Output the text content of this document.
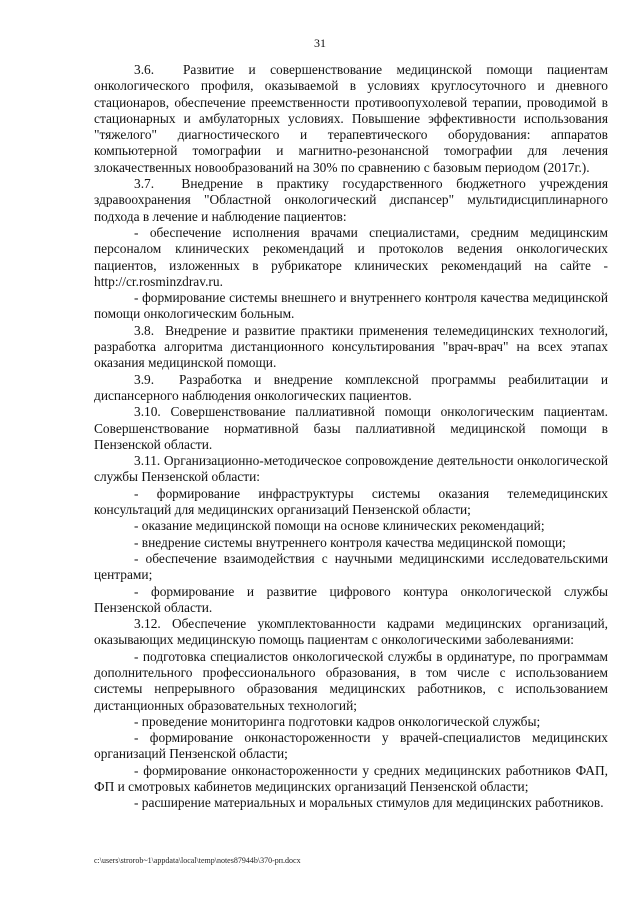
31

3.6.  Развитие и совершенствование медицинской помощи пациентам онкологического профиля, оказываемой в условиях круглосуточного и дневного стационаров, обеспечение преемственности противоопухолевой терапии, проводимой в стационарных и амбулаторных условиях. Повышение эффективности использования "тяжелого" диагностического и терапевтического оборудования: аппаратов компьютерной томографии и магнитно-резонансной томографии для лечения злокачественных новообразований на 30% по сравнению с базовым периодом (2017г.).

3.7.  Внедрение в практику государственного бюджетного учреждения здравоохранения "Областной онкологический диспансер" мультидисциплинарного подхода в лечение и наблюдение пациентов:

- обеспечение исполнения врачами специалистами, средним медицинским персоналом клинических рекомендаций и протоколов ведения онкологических пациентов, изложенных в рубрикаторе клинических рекомендаций на сайте - http://cr.rosminzdrav.ru.

- формирование системы внешнего и внутреннего контроля качества медицинской помощи онкологическим больным.

3.8.  Внедрение и развитие практики применения телемедицинских технологий, разработка алгоритма дистанционного консультирования "врач-врач" на всех этапах оказания медицинской помощи.

3.9.  Разработка и внедрение комплексной программы реабилитации и диспансерного наблюдения онкологических пациентов.

3.10. Совершенствование паллиативной помощи онкологическим пациентам. Совершенствование нормативной базы паллиативной медицинской помощи в Пензенской области.

3.11. Организационно-методическое сопровождение деятельности онкологической службы Пензенской области:

- формирование инфраструктуры системы оказания телемедицинских консультаций для медицинских организаций Пензенской области;

- оказание медицинской помощи на основе клинических рекомендаций;

- внедрение системы внутреннего контроля качества медицинской помощи;

- обеспечение взаимодействия с научными медицинскими исследовательскими центрами;

- формирование и развитие цифрового контура онкологической службы Пензенской области.

3.12. Обеспечение укомплектованности кадрами медицинских организаций, оказывающих медицинскую помощь пациентам с онкологическими заболеваниями:

- подготовка специалистов онкологической службы в ординатуре, по программам дополнительного профессионального образования, в том числе с использованием системы непрерывного образования медицинских работников, с использованием дистанционных образовательных технологий;

- проведение мониторинга подготовки кадров онкологической службы;

- формирование онконастороженности у врачей-специалистов медицинских организаций Пензенской области;

- формирование онконастороженности у средних медицинских работников ФАП, ФП и смотровых кабинетов медицинских организаций Пензенской области;

- расширение материальных и моральных стимулов для медицинских работников.

c:\users\strorob~1\appdata\local\temp\notes87944b\370-рп.docx
